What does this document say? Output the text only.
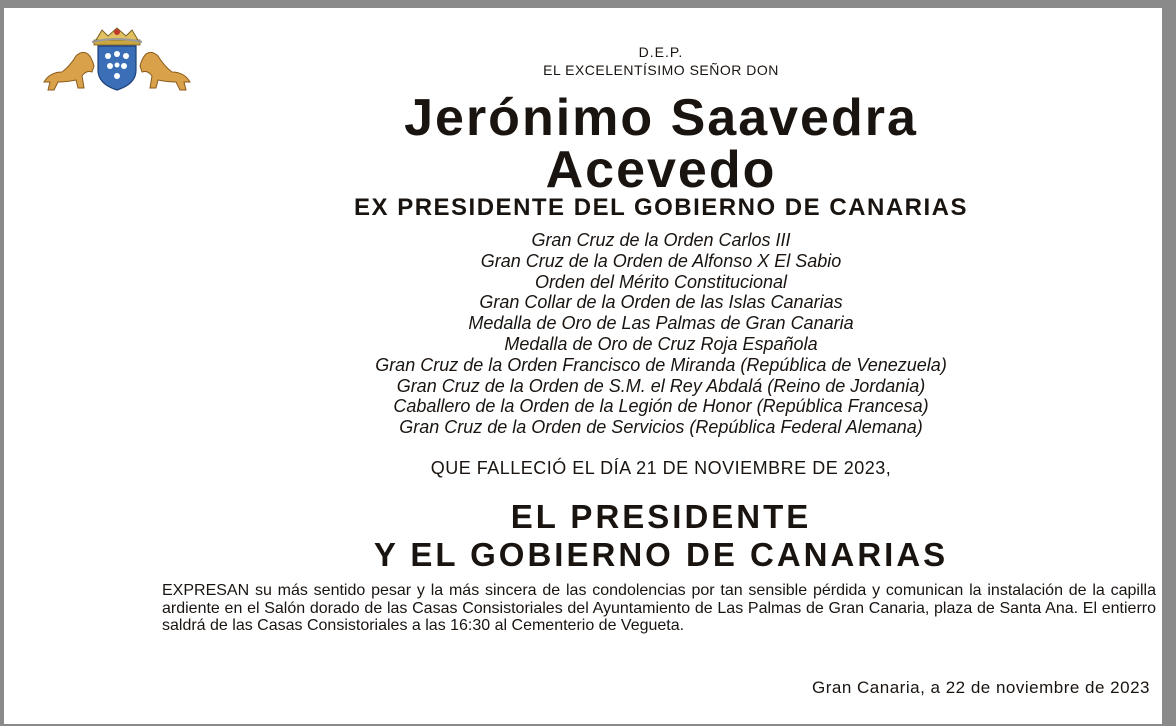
D.E.P.
EL EXCELENTÍSIMO SEÑOR DON
Jerónimo Saavedra
Acevedo
EX PRESIDENTE DEL GOBIERNO DE CANARIAS
Gran Cruz de la Orden Carlos III
Gran Cruz de la Orden de Alfonso X El Sabio
Orden del Mérito Constitucional
Gran Collar de la Orden de las Islas Canarias
Medalla de Oro de Las Palmas de Gran Canaria
Medalla de Oro de Cruz Roja Española
Gran Cruz de la Orden Francisco de Miranda (República de Venezuela)
Gran Cruz de la Orden de S.M. el Rey Abdalá (Reino de Jordania)
Caballero de la Orden de la Legión de Honor (República Francesa)
Gran Cruz de la Orden de Servicios (República Federal Alemana)
QUE FALLECIÓ EL DÍA 21 DE NOVIEMBRE DE 2023,
EL PRESIDENTE
Y EL GOBIERNO DE CANARIAS
EXPRESAN su más sentido pesar y la más sincera de las condolencias por tan sensible pérdida y comunican la instalación de la capilla ardiente en el Salón dorado de las Casas Consistoriales del Ayuntamiento de Las Palmas de Gran Canaria, plaza de Santa Ana. El entierro saldrá de las Casas Consistoriales a las 16:30 al Cementerio de Vegueta.
Gran Canaria, a 22 de noviembre de 2023
